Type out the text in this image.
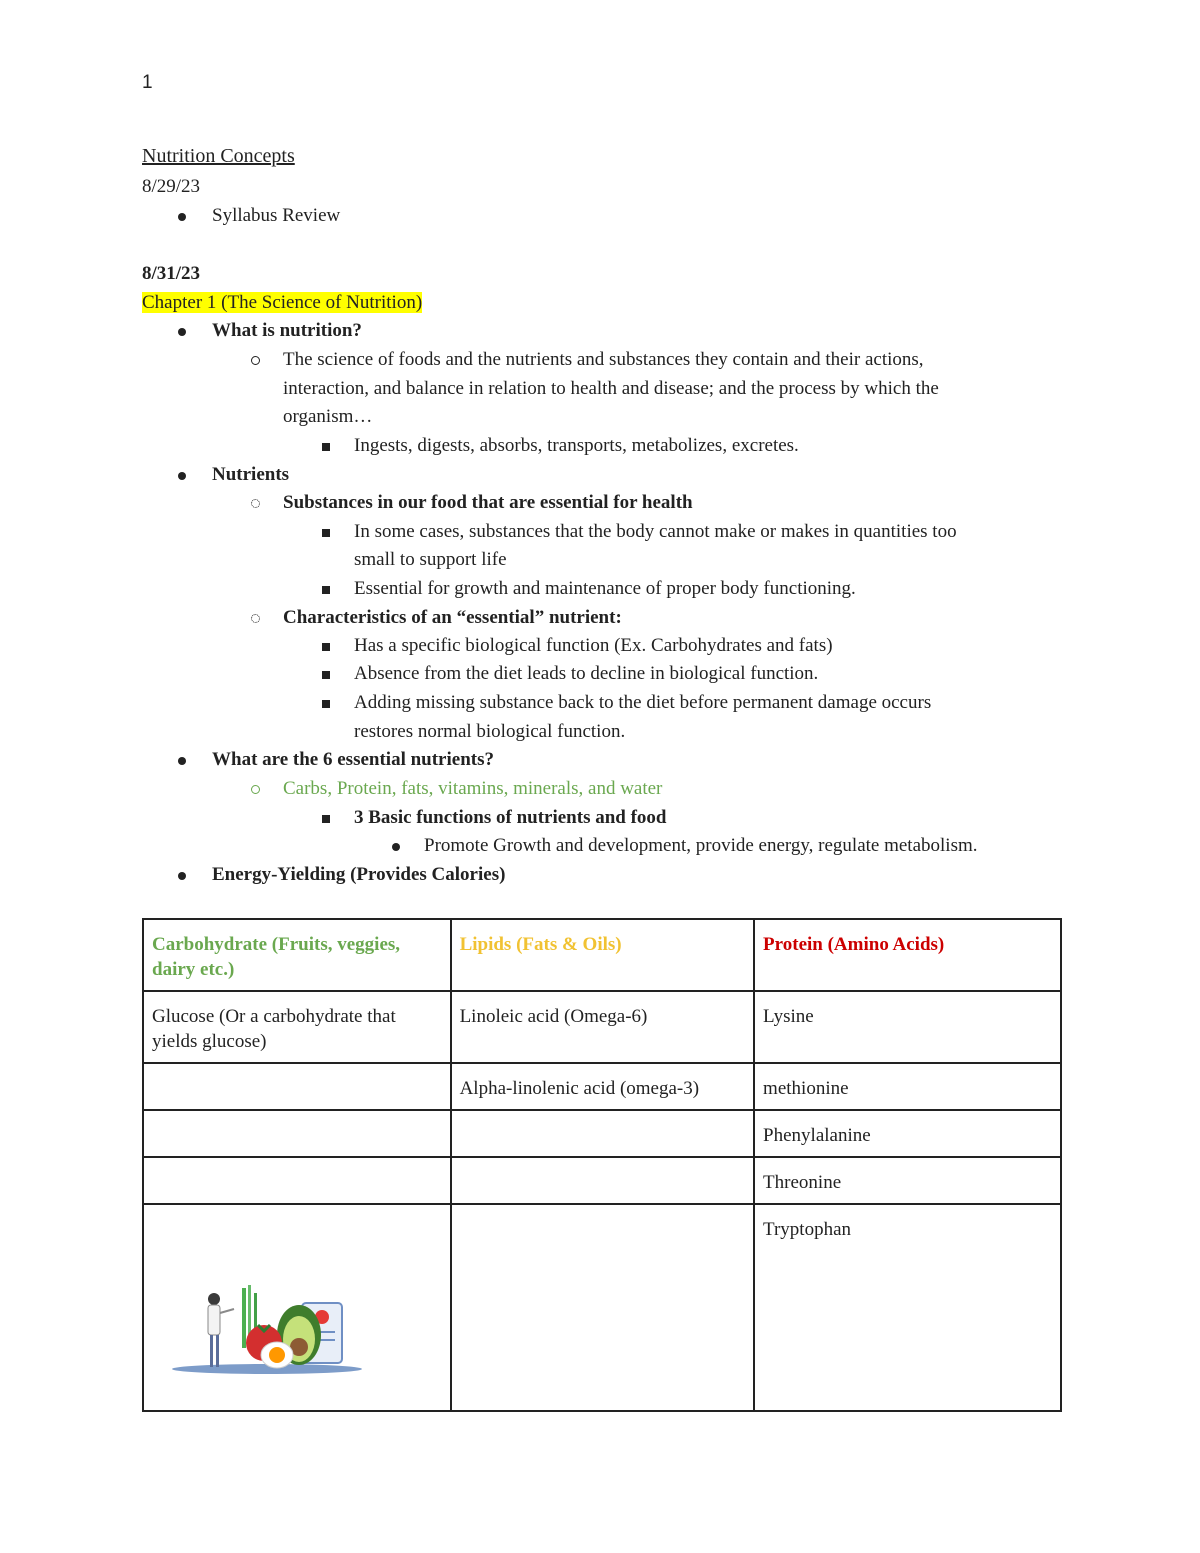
1
Nutrition Concepts
8/29/23
Syllabus Review
8/31/23
Chapter 1 (The Science of Nutrition)
What is nutrition?
The science of foods and the nutrients and substances they contain and their actions,
interaction, and balance in relation to health and disease; and the process by which the
organism…
Ingests, digests, absorbs, transports, metabolizes, excretes.
Nutrients
Substances in our food that are essential for health
In some cases, substances that the body cannot make or makes in quantities too
small to support life
Essential for growth and maintenance of proper body functioning.
Characteristics of an “essential” nutrient:
Has a specific biological function (Ex. Carbohydrates and fats)
Absence from the diet leads to decline in biological function.
Adding missing substance back to the diet before permanent damage occurs
restores normal biological function.
What are the 6 essential nutrients?
Carbs, Protein, fats, vitamins, minerals, and water
3 Basic functions of nutrients and food
Promote Growth and development, provide energy, regulate metabolism.
Energy-Yielding (Provides Calories)
Carbohydrate (Fruits, veggies, dairy etc.)	Lipids (Fats & Oils)	Protein (Amino Acids)
Glucose (Or a carbohydrate that yields glucose)	Linoleic acid (Omega-6)	Lysine
	Alpha-linolenic acid (omega-3)	methionine
		Phenylalanine
		Threonine

		Tryptophan
